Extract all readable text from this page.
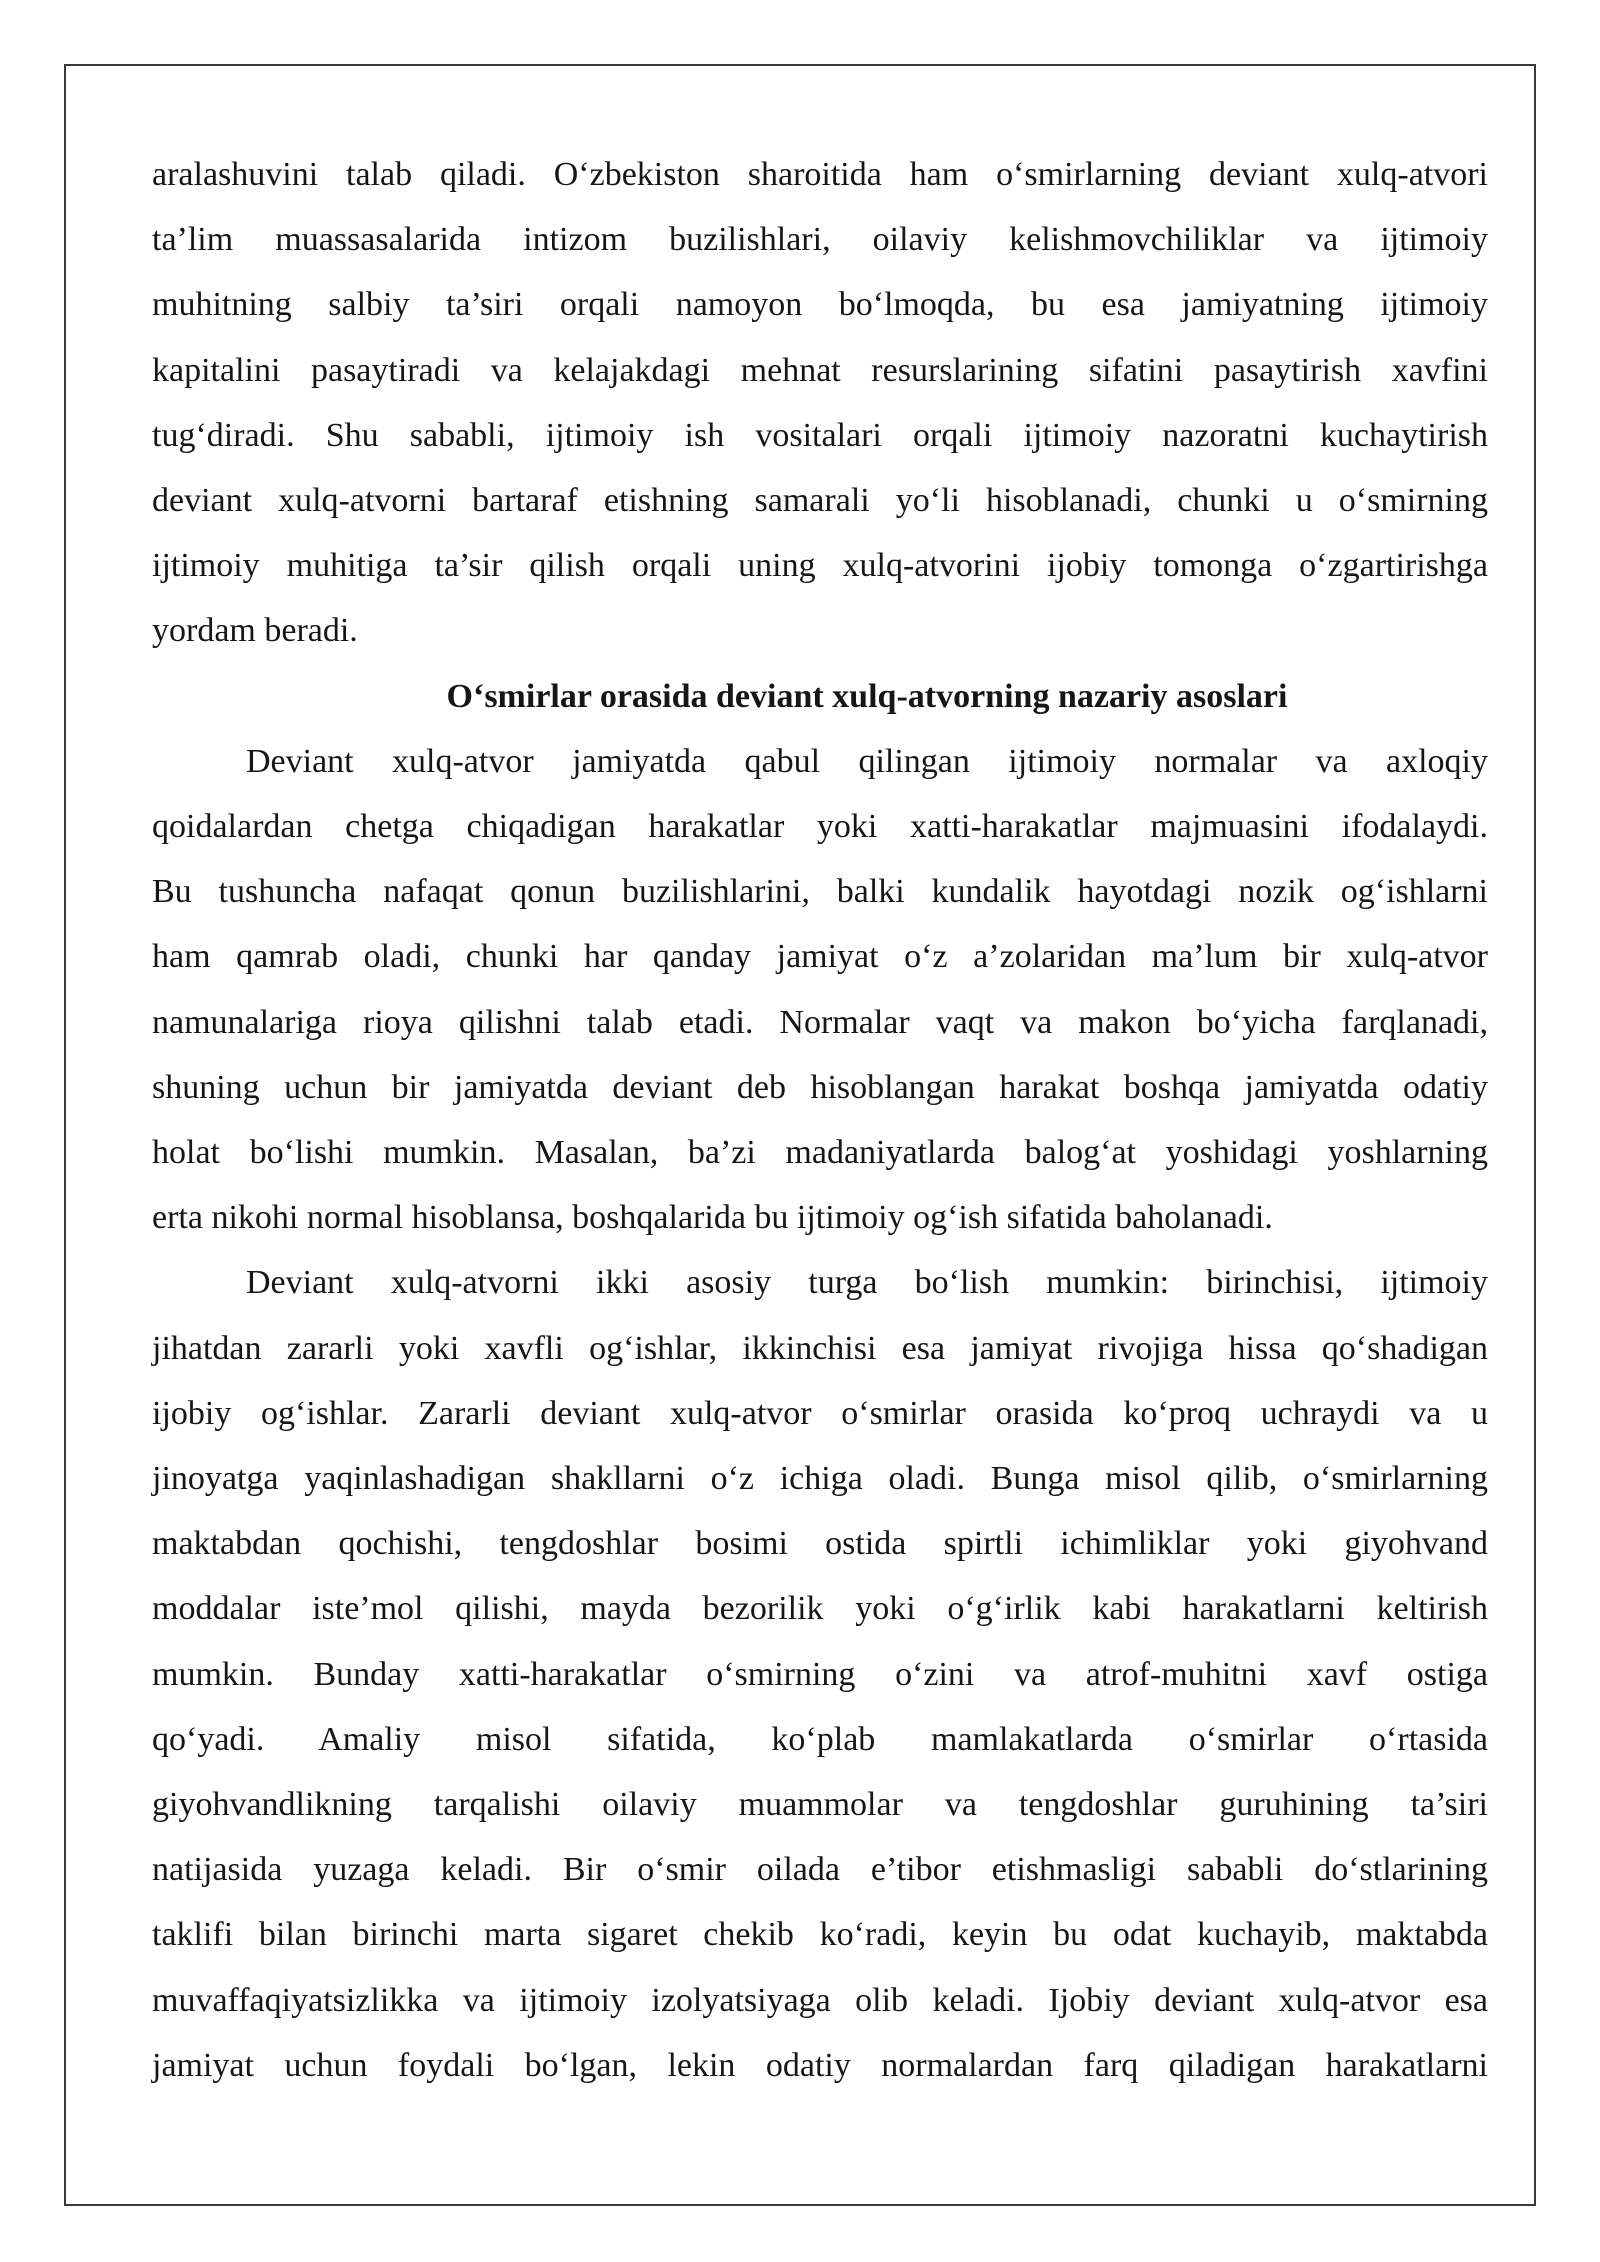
aralashuvini talab qiladi. O‘zbekiston sharoitida ham o‘smirlarning deviant xulq-atvori
ta’lim muassasalarida intizom buzilishlari, oilaviy kelishmovchiliklar va ijtimoiy
muhitning salbiy ta’siri orqali namoyon bo‘lmoqda, bu esa jamiyatning ijtimoiy
kapitalini pasaytiradi va kelajakdagi mehnat resurslarining sifatini pasaytirish xavfini
tug‘diradi. Shu sababli, ijtimoiy ish vositalari orqali ijtimoiy nazoratni kuchaytirish
deviant xulq-atvorni bartaraf etishning samarali yo‘li hisoblanadi, chunki u o‘smirning
ijtimoiy muhitiga ta’sir qilish orqali uning xulq-atvorini ijobiy tomonga o‘zgartirishga
yordam beradi.

O‘smirlar orasida deviant xulq-atvorning nazariy asoslari

Deviant xulq-atvor jamiyatda qabul qilingan ijtimoiy normalar va axloqiy
qoidalardan chetga chiqadigan harakatlar yoki xatti-harakatlar majmuasini ifodalaydi.
Bu tushuncha nafaqat qonun buzilishlarini, balki kundalik hayotdagi nozik og‘ishlarni
ham qamrab oladi, chunki har qanday jamiyat o‘z a’zolaridan ma’lum bir xulq-atvor
namunalariga rioya qilishni talab etadi. Normalar vaqt va makon bo‘yicha farqlanadi,
shuning uchun bir jamiyatda deviant deb hisoblangan harakat boshqa jamiyatda odatiy
holat bo‘lishi mumkin. Masalan, ba’zi madaniyatlarda balog‘at yoshidagi yoshlarning
erta nikohi normal hisoblansa, boshqalarida bu ijtimoiy og‘ish sifatida baholanadi.

Deviant xulq-atvorni ikki asosiy turga bo‘lish mumkin: birinchisi, ijtimoiy
jihatdan zararli yoki xavfli og‘ishlar, ikkinchisi esa jamiyat rivojiga hissa qo‘shadigan
ijobiy og‘ishlar. Zararli deviant xulq-atvor o‘smirlar orasida ko‘proq uchraydi va u
jinoyatga yaqinlashadigan shakllarni o‘z ichiga oladi. Bunga misol qilib, o‘smirlarning
maktabdan qochishi, tengdoshlar bosimi ostida spirtli ichimliklar yoki giyohvand
moddalar iste’mol qilishi, mayda bezorilik yoki o‘g‘irlik kabi harakatlarni keltirish
mumkin. Bunday xatti-harakatlar o‘smirning o‘zini va atrof-muhitni xavf ostiga
qo‘yadi. Amaliy misol sifatida, ko‘plab mamlakatlarda o‘smirlar o‘rtasida
giyohvandlikning tarqalishi oilaviy muammolar va tengdoshlar guruhining ta’siri
natijasida yuzaga keladi. Bir o‘smir oilada e’tibor etishmasligi sababli do‘stlarining
taklifi bilan birinchi marta sigaret chekib ko‘radi, keyin bu odat kuchayib, maktabda
muvaffaqiyatsizlikka va ijtimoiy izolyatsiyaga olib keladi. Ijobiy deviant xulq-atvor esa
jamiyat uchun foydali bo‘lgan, lekin odatiy normalardan farq qiladigan harakatlarni
